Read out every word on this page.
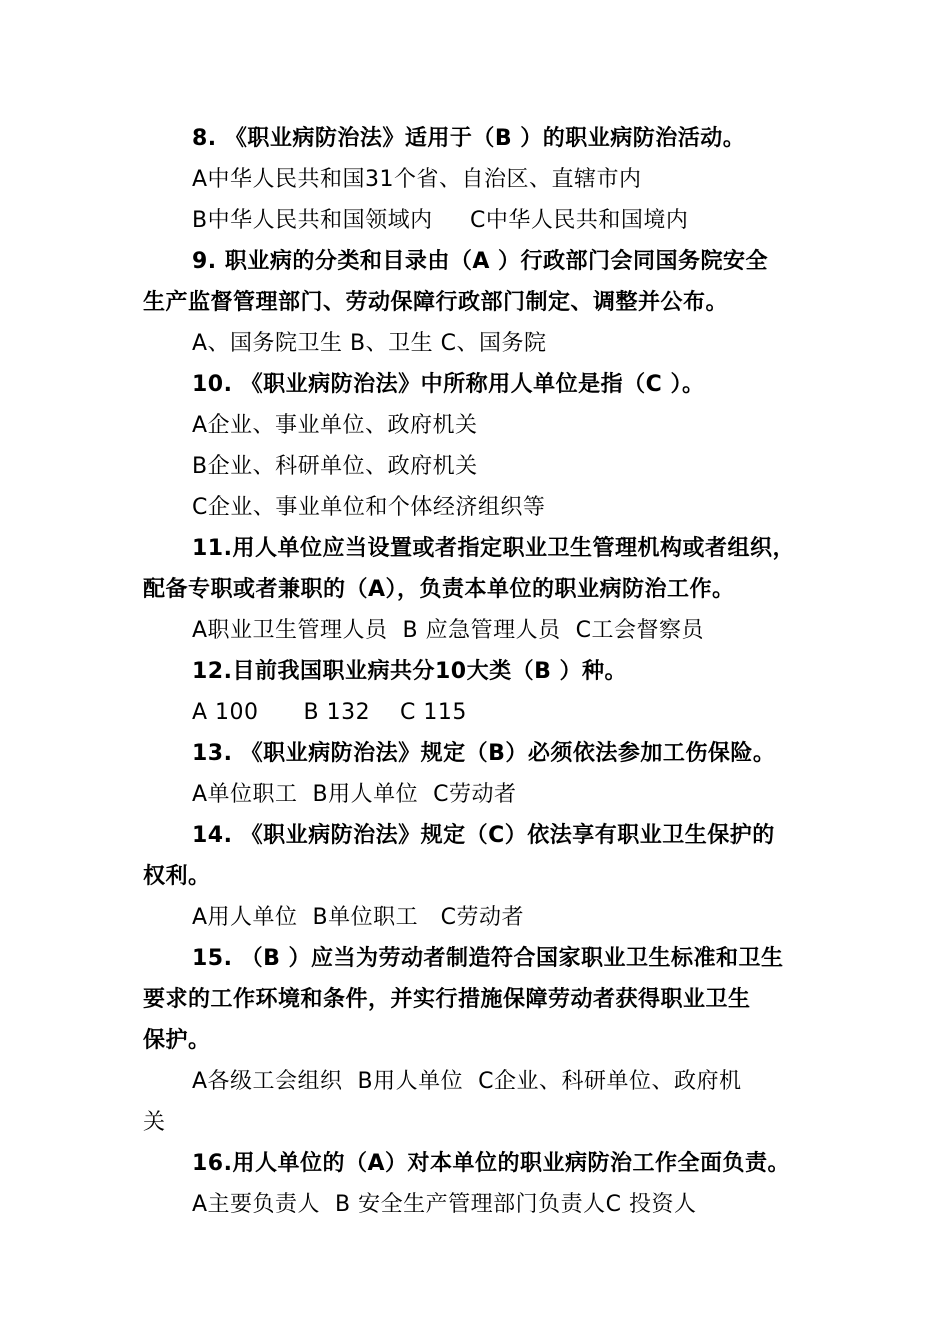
8. 《职业病防治法》适用于（B ）的职业病防治活动。
A中华人民共和国31个省、自治区、直辖市内
B中华人民共和国领域内     C中华人民共和国境内
9. 职业病的分类和目录由（A ）行政部门会同国务院安全
生产监督管理部门、劳动保障行政部门制定、调整并公布。
A、国务院卫生 B、卫生 C、国务院
10. 《职业病防治法》中所称用人单位是指（C ）。
A企业、事业单位、政府机关
B企业、科研单位、政府机关
C企业、事业单位和个体经济组织等
11.用人单位应当设置或者指定职业卫生管理机构或者组织，
配备专职或者兼职的（A），负责本单位的职业病防治工作。
A职业卫生管理人员  B 应急管理人员  C工会督察员
12.目前我国职业病共分10大类（B ）种。
A 100      B 132    C 115
13. 《职业病防治法》规定（B）必须依法参加工伤保险。
A单位职工  B用人单位  C劳动者
14. 《职业病防治法》规定（C）依法享有职业卫生保护的
权利。
A用人单位  B单位职工   C劳动者
15. （B ）应当为劳动者制造符合国家职业卫生标准和卫生
要求的工作环境和条件，并实行措施保障劳动者获得职业卫生
保护。
A各级工会组织  B用人单位  C企业、科研单位、政府机
关
16.用人单位的（A）对本单位的职业病防治工作全面负责。
A主要负责人  B 安全生产管理部门负责人C 投资人
